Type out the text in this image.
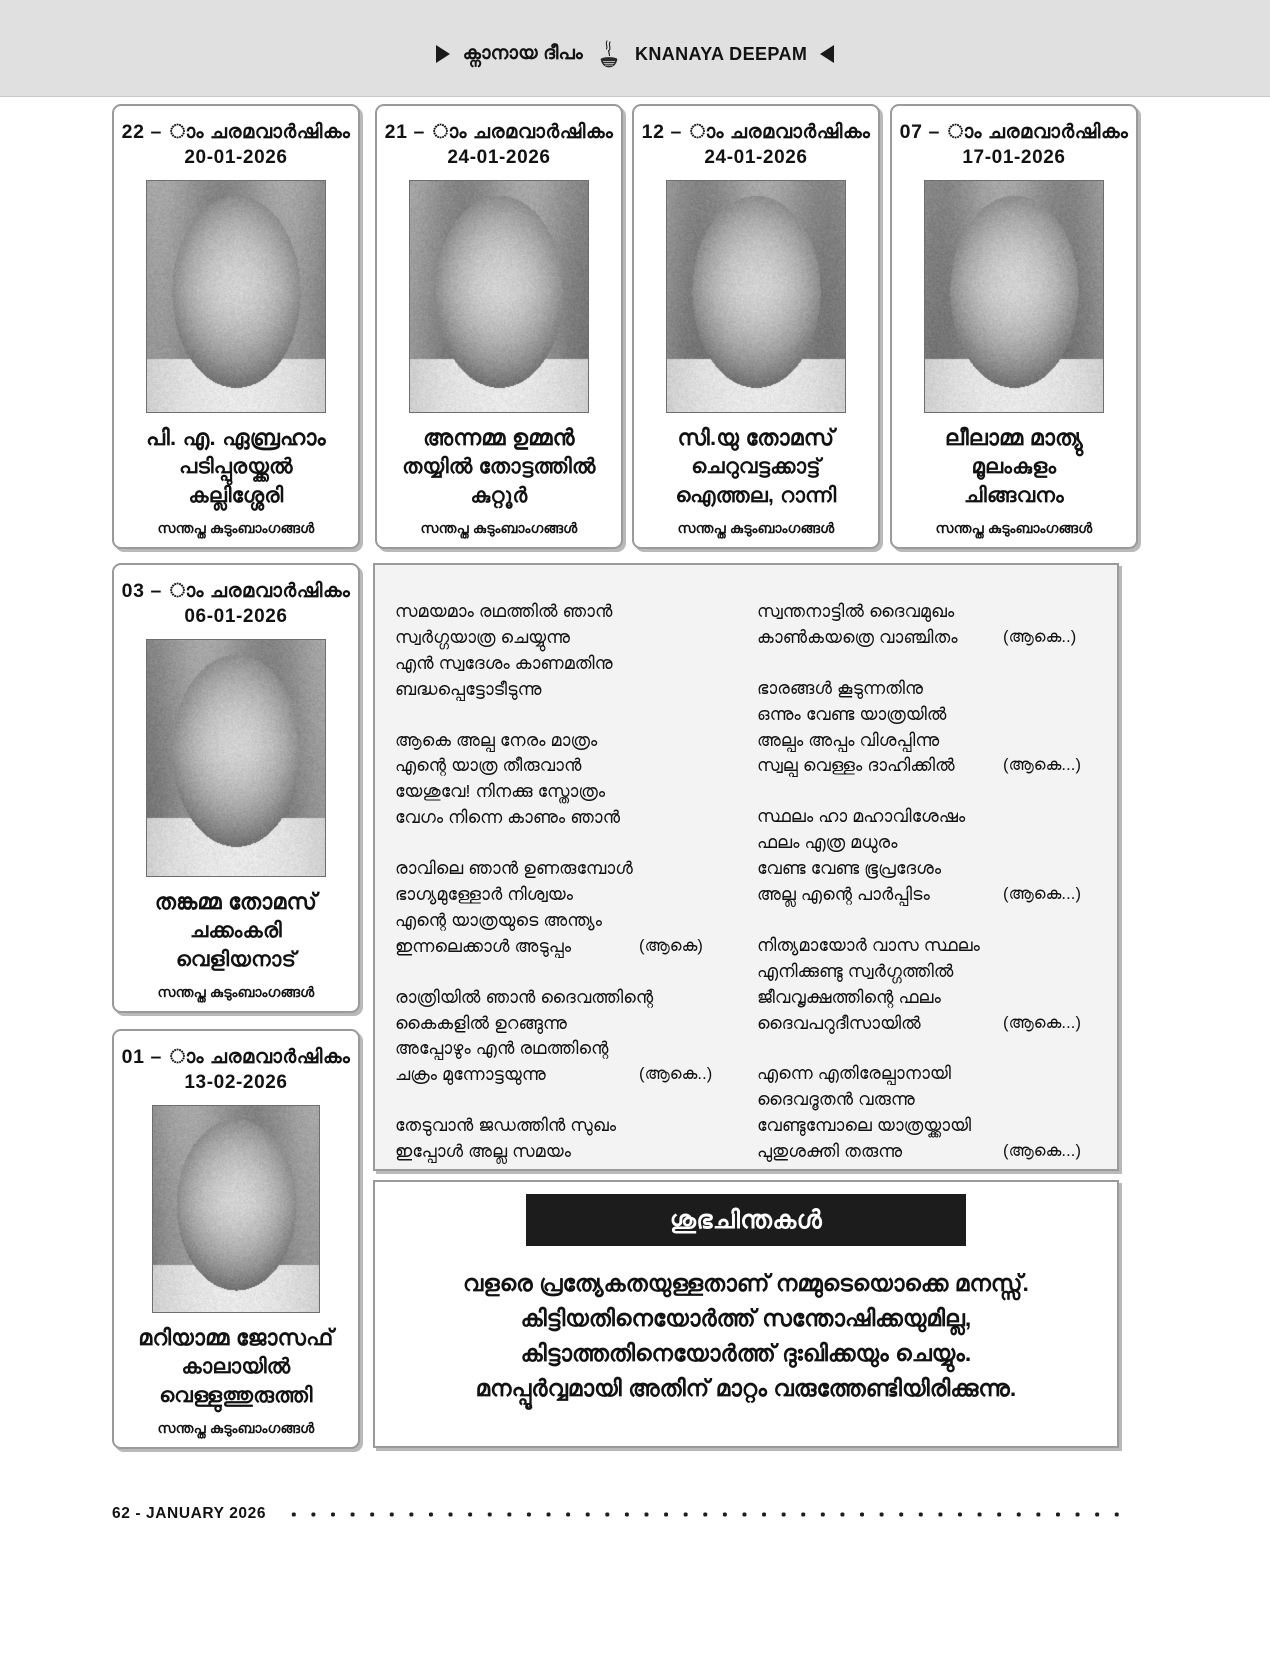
ക്നാനായ ദീപം	KNANAYA DEEPAM
22 – ാം ചരമവാർഷികം
20-01-2026
പി. എ. ഏബ്രഹാം
പടിപ്പുരയ്ക്കൽ
കല്ലിശ്ശേരി
സന്തപ്ത കുടുംബാംഗങ്ങൾ
21 – ാം ചരമവാർഷികം
24-01-2026
അന്നമ്മ ഉമ്മൻ
തയ്യിൽ തോട്ടത്തിൽ
കുറ്റൂർ
സന്തപ്ത കുടുംബാംഗങ്ങൾ
12 – ാം ചരമവാർഷികം
24-01-2026
സി.യു തോമസ്
ചെറുവട്ടക്കാട്ട്
ഐത്തല, റാന്നി
സന്തപ്ത കുടുംബാംഗങ്ങൾ
07 – ാം ചരമവാർഷികം
17-01-2026
ലീലാമ്മ മാത്യു
മൂലംകുളം
ചിങ്ങവനം
സന്തപ്ത കുടുംബാംഗങ്ങൾ
03 – ാം ചരമവാർഷികം
06-01-2026
തങ്കമ്മ തോമസ്
ചക്കംകരി
വെളിയനാട്
സന്തപ്ത കുടുംബാംഗങ്ങൾ
01 – ാം ചരമവാർഷികം
13-02-2026
മറിയാമ്മ ജോസഫ്
കാലായിൽ
വെള്ളുത്തുരുത്തി
സന്തപ്ത കുടുംബാംഗങ്ങൾ
സമയമാം രഥത്തിൽ ഞാൻ
സ്വർഗ്ഗയാത്ര ചെയ്യുന്നു
എൻ സ്വദേശം കാണമതിനു
ബദ്ധപ്പെട്ടോടീടുന്നു
ആകെ അല്പ നേരം മാത്രം
എന്റെ യാത്ര തീരുവാൻ
യേശുവേ! നിനക്കു സ്തോത്രം
വേഗം നിന്നെ കാണും ഞാൻ
രാവിലെ ഞാൻ ഉണരുമ്പോൾ
ഭാഗ്യമുള്ളോർ നിശ്വയം
എന്റെ യാത്രയുടെ അന്ത്യം
ഇന്നലെക്കാൾ അടുപ്പം	(ആകെ)
രാത്രിയിൽ ഞാൻ ദൈവത്തിന്റെ
കൈകളിൽ ഉറങ്ങുന്നു
അപ്പോഴും എൻ രഥത്തിന്റെ
ചക്രം മുന്നോട്ടയുന്നു	(ആകെ..)
തേടുവാൻ ജഡത്തിൻ സുഖം
ഇപ്പോൾ അല്ല സമയം
സ്വന്തനാട്ടിൽ ദൈവമുഖം
കാൺകയത്രെ വാഞ്ചിതം	(ആകെ..)
ഭാരങ്ങൾ കൂടുന്നതിനു
ഒന്നും വേണ്ട യാത്രയിൽ
അല്പം അപ്പം വിശപ്പിന്നു
സ്വല്പ വെള്ളം ദാഹിക്കിൽ	(ആകെ...)
സ്ഥലം ഹാ മഹാവിശേഷം
ഫലം എത്ര മധുരം
വേണ്ട വേണ്ട ഭൂപ്രദേശം
അല്ല എന്റെ പാർപ്പിടം	(ആകെ...)
നിത്യമായോർ വാസ സ്ഥലം
എനിക്കുണ്ടു സ്വർഗ്ഗത്തിൽ
ജീവവൃക്ഷത്തിന്റെ ഫലം
ദൈവപറുദീസായിൽ	(ആകെ...)
എന്നെ എതിരേല്പാനായി
ദൈവദൂതൻ വരുന്നു
വേണ്ടുമ്പോലെ യാത്രയ്ക്കായി
പുതുശക്തി തരുന്നു	(ആകെ...)
ശുഭചിന്തകൾ
വളരെ പ്രത്യേകതയുള്ളതാണ് നമ്മുടെയൊക്കെ മനസ്സ്.
കിട്ടിയതിനെയോർത്ത് സന്തോഷിക്കയുമില്ല,
കിട്ടാത്തതിനെയോർത്ത് ദുഃഖിക്കയും ചെയ്യും.
മനപ്പൂർവ്വമായി അതിന് മാറ്റം വരുത്തേണ്ടിയിരിക്കുന്നു.
62 - JANUARY 2026
